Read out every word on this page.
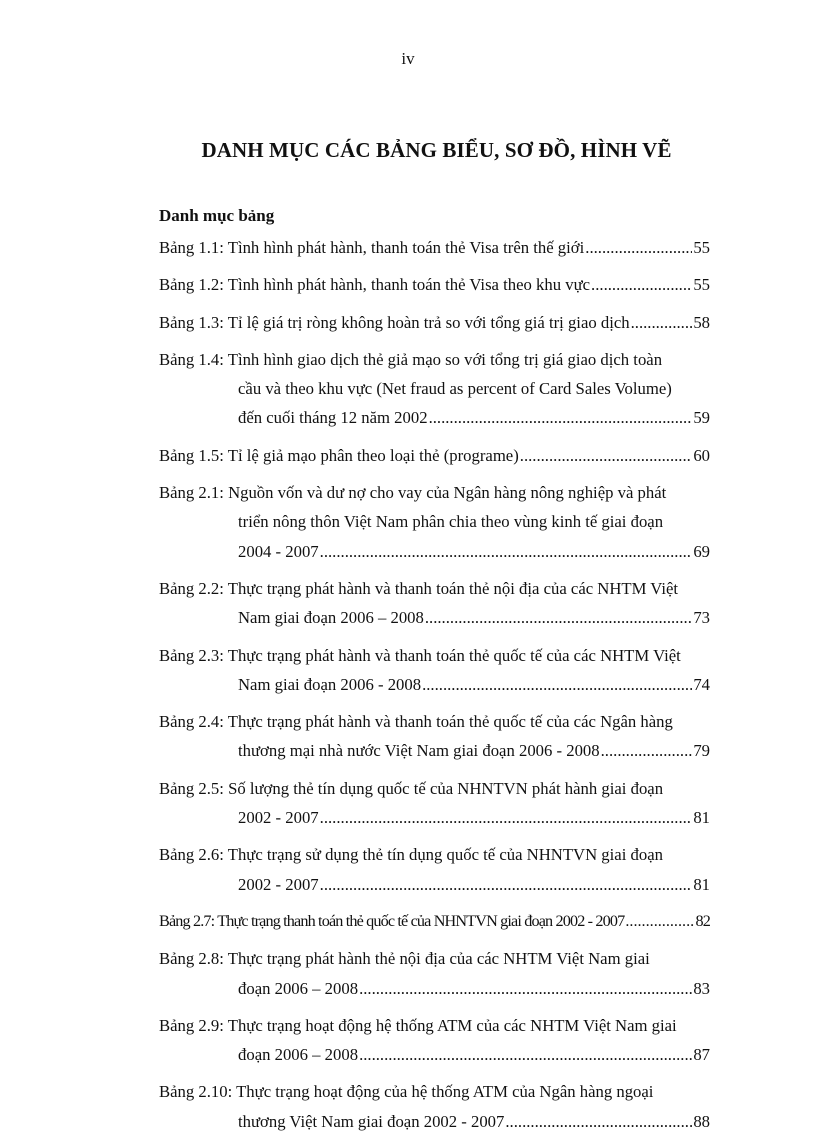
iv
DANH MỤC CÁC BẢNG BIỂU, SƠ ĐỒ, HÌNH VẼ
Danh mục bảng
Bảng 1.1: Tình hình phát hành, thanh toán thẻ Visa trên thế giới .....	55
Bảng 1.2: Tình hình phát hành, thanh toán thẻ Visa theo khu vực .....	55
Bảng 1.3: Tỉ lệ giá trị ròng không hoàn trả so với tổng giá trị giao dịch .....	58
Bảng 1.4: Tình hình giao dịch thẻ giả mạo so với tổng trị giá giao dịch toàn
cầu và theo khu vực (Net fraud as percent of Card Sales Volume)
đến cuối tháng 12 năm 2002 .....	59
Bảng 1.5: Tỉ lệ giả mạo phân theo loại thẻ (programe) .....	60
Bảng 2.1: Nguồn vốn và dư nợ cho vay của Ngân hàng nông nghiệp và phát
triển nông thôn Việt Nam phân chia theo vùng kinh tế giai đoạn
2004 - 2007 .....	69
Bảng 2.2: Thực trạng phát hành và thanh toán thẻ nội địa của các NHTM Việt
Nam giai đoạn 2006 – 2008 .....	73
Bảng 2.3: Thực trạng phát hành và thanh toán thẻ quốc tế của các NHTM Việt
Nam giai đoạn 2006 - 2008 .....	74
Bảng 2.4: Thực trạng phát hành và thanh toán thẻ quốc tế của các Ngân hàng
thương mại nhà nước Việt Nam giai đoạn 2006 - 2008 .....	79
Bảng 2.5: Số lượng thẻ tín dụng quốc tế của NHNTVN phát hành giai đoạn
2002 - 2007 .....	81
Bảng 2.6: Thực trạng sử dụng thẻ tín dụng quốc tế của NHNTVN giai đoạn
2002 - 2007 .....	81
Bảng 2.7: Thực trạng thanh toán thẻ quốc tế của NHNTVN giai đoạn 2002 - 2007 .....	82
Bảng 2.8: Thực trạng phát hành thẻ nội địa của các NHTM Việt Nam giai
đoạn 2006 – 2008 .....	83
Bảng 2.9: Thực trạng hoạt động hệ thống ATM của các NHTM Việt Nam giai
đoạn 2006 – 2008 .....	87
Bảng 2.10: Thực trạng hoạt động của hệ thống ATM của Ngân hàng ngoại
thương Việt Nam giai đoạn 2002 - 2007 .....	88
